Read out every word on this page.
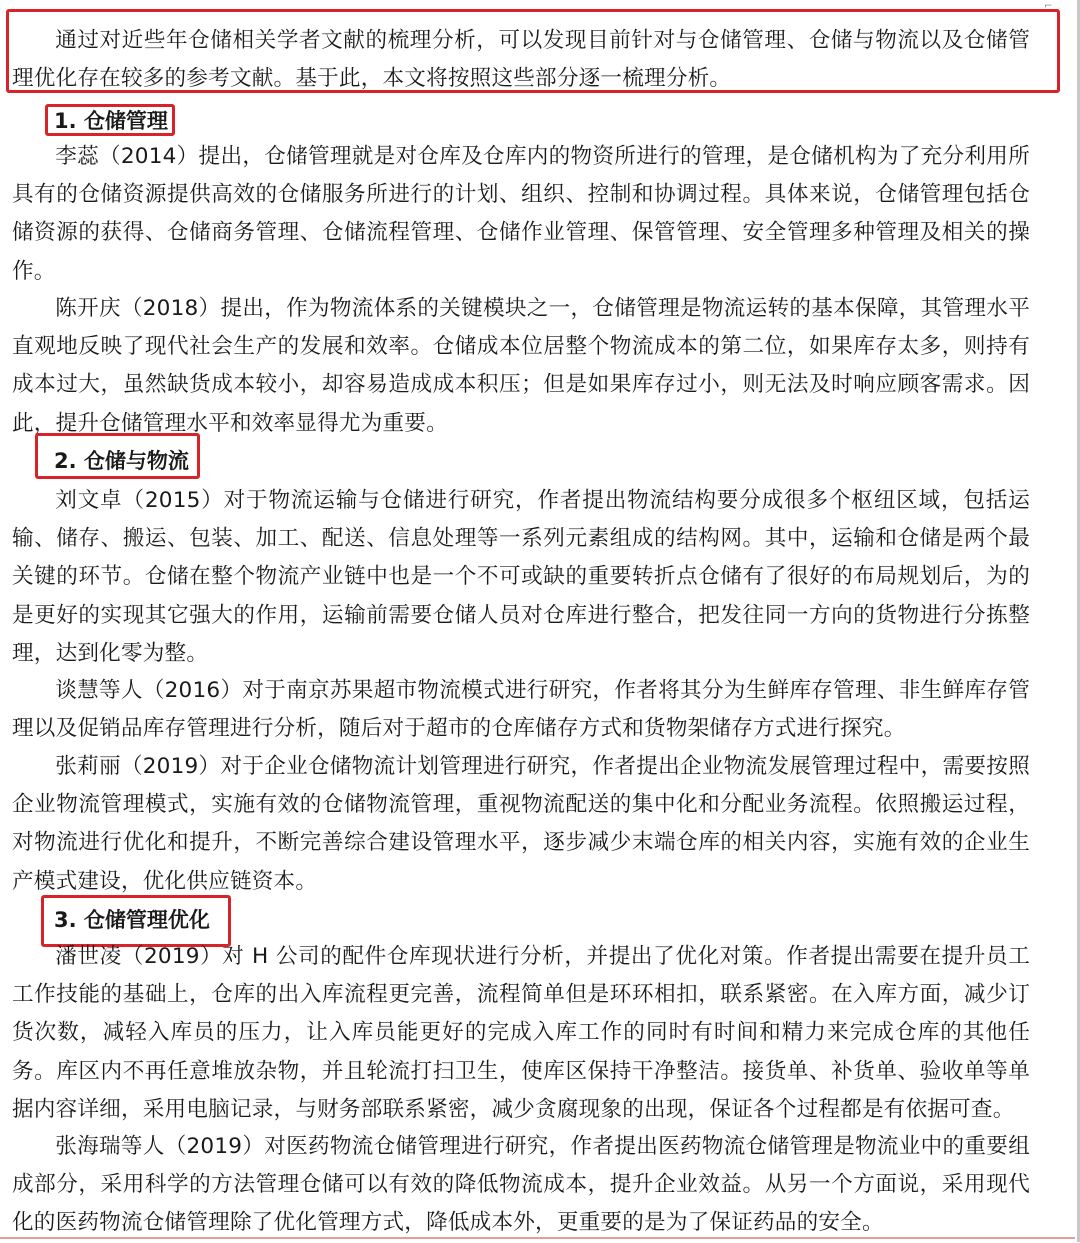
⌐

通过对近些年仓储相关学者文献的梳理分析，可以发现目前针对与仓储管理、仓储与物流以及仓储管理优化存在较多的参考文献。基于此，本文将按照这些部分逐一梳理分析。

1. 仓储管理

李蕊（2014）提出，仓储管理就是对仓库及仓库内的物资所进行的管理，是仓储机构为了充分利用所具有的仓储资源提供高效的仓储服务所进行的计划、组织、控制和协调过程。具体来说，仓储管理包括仓储资源的获得、仓储商务管理、仓储流程管理、仓储作业管理、保管管理、安全管理多种管理及相关的操作。

陈开庆（2018）提出，作为物流体系的关键模块之一，仓储管理是物流运转的基本保障，其管理水平直观地反映了现代社会生产的发展和效率。仓储成本位居整个物流成本的第二位，如果库存太多，则持有成本过大，虽然缺货成本较小，却容易造成成本积压；但是如果库存过小，则无法及时响应顾客需求。因此，提升仓储管理水平和效率显得尤为重要。

2. 仓储与物流

刘文卓（2015）对于物流运输与仓储进行研究，作者提出物流结构要分成很多个枢纽区域，包括运输、储存、搬运、包装、加工、配送、信息处理等一系列元素组成的结构网。其中，运输和仓储是两个最关键的环节。仓储在整个物流产业链中也是一个不可或缺的重要转折点仓储有了很好的布局规划后，为的是更好的实现其它强大的作用，运输前需要仓储人员对仓库进行整合，把发往同一方向的货物进行分拣整理，达到化零为整。

谈慧等人（2016）对于南京苏果超市物流模式进行研究，作者将其分为生鲜库存管理、非生鲜库存管理以及促销品库存管理进行分析，随后对于超市的仓库储存方式和货物架储存方式进行探究。

张莉丽（2019）对于企业仓储物流计划管理进行研究，作者提出企业物流发展管理过程中，需要按照企业物流管理模式，实施有效的仓储物流管理，重视物流配送的集中化和分配业务流程。依照搬运过程，对物流进行优化和提升，不断完善综合建设管理水平，逐步减少末端仓库的相关内容，实施有效的企业生产模式建设，优化供应链资本。

3. 仓储管理优化

潘世凌（2019）对 H 公司的配件仓库现状进行分析，并提出了优化对策。作者提出需要在提升员工工作技能的基础上，仓库的出入库流程更完善，流程简单但是环环相扣，联系紧密。在入库方面，减少订货次数，减轻入库员的压力，让入库员能更好的完成入库工作的同时有时间和精力来完成仓库的其他任务。库区内不再任意堆放杂物，并且轮流打扫卫生，使库区保持干净整洁。接货单、补货单、验收单等单据内容详细，采用电脑记录，与财务部联系紧密，减少贪腐现象的出现，保证各个过程都是有依据可查。

张海瑞等人（2019）对医药物流仓储管理进行研究，作者提出医药物流仓储管理是物流业中的重要组成部分，采用科学的方法管理仓储可以有效的降低物流成本，提升企业效益。从另一个方面说，采用现代化的医药物流仓储管理除了优化管理方式，降低成本外，更重要的是为了保证药品的安全。
